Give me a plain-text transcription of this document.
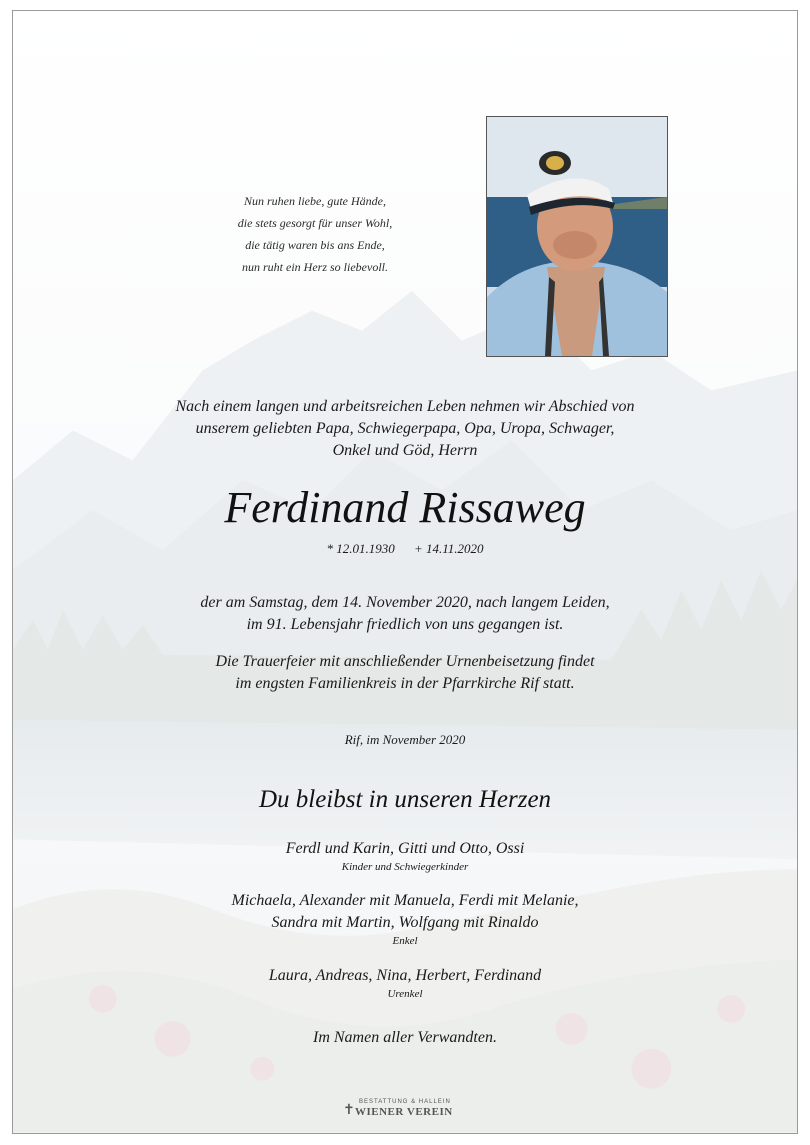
✝ BESTATTUNG & HALLEIN
WIENER VEREIN
Nun ruhen liebe, gute Hände,
die stets gesorgt für unser Wohl,
die tätig waren bis ans Ende,
nun ruht ein Herz so liebevoll.
Nach einem langen und arbeitsreichen Leben nehmen wir Abschied von
unserem geliebten Papa, Schwiegerpapa, Opa, Uropa, Schwager,
Onkel und Göd, Herrn
Ferdinand Rissaweg
* 12.01.1930 + 14.11.2020
der am Samstag, dem 14. November 2020, nach langem Leiden,
im 91. Lebensjahr friedlich von uns gegangen ist.
Die Trauerfeier mit anschließender Urnenbeisetzung findet
im engsten Familienkreis in der Pfarrkirche Rif statt.
Rif, im November 2020
Du bleibst in unseren Herzen
Ferdl und Karin, Gitti und Otto, Ossi
Kinder und Schwiegerkinder
Michaela, Alexander mit Manuela, Ferdi mit Melanie,
Sandra mit Martin, Wolfgang mit Rinaldo
Enkel
Laura, Andreas, Nina, Herbert, Ferdinand
Urenkel
Im Namen aller Verwandten.
